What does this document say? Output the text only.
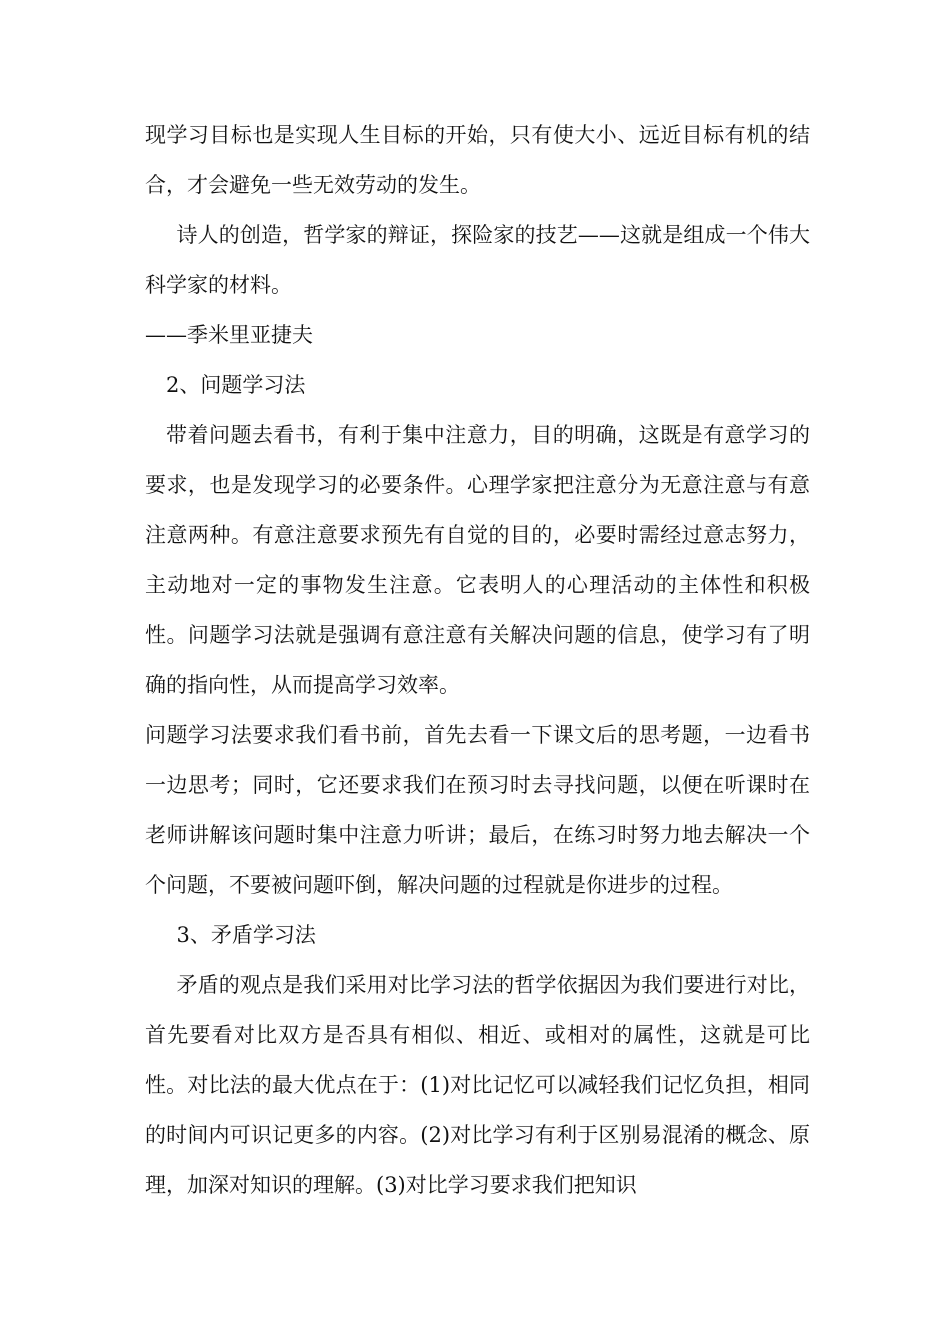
现学习目标也是实现人生目标的开始，只有使大小、远近目标有机的结合，才会避免一些无效劳动的发生。

诗人的创造，哲学家的辩证，探险家的技艺——这就是组成一个伟大科学家的材料。

——季米里亚捷夫

2、问题学习法

带着问题去看书，有利于集中注意力，目的明确，这既是有意学习的要求，也是发现学习的必要条件。心理学家把注意分为无意注意与有意注意两种。有意注意要求预先有自觉的目的，必要时需经过意志努力，主动地对一定的事物发生注意。它表明人的心理活动的主体性和积极性。问题学习法就是强调有意注意有关解决问题的信息，使学习有了明确的指向性，从而提高学习效率。

问题学习法要求我们看书前，首先去看一下课文后的思考题，一边看书一边思考；同时，它还要求我们在预习时去寻找问题，以便在听课时在老师讲解该问题时集中注意力听讲；最后，在练习时努力地去解决一个个问题，不要被问题吓倒，解决问题的过程就是你进步的过程。

3、矛盾学习法

矛盾的观点是我们采用对比学习法的哲学依据因为我们要进行对比，首先要看对比双方是否具有相似、相近、或相对的属性，这就是可比性。对比法的最大优点在于：(1)对比记忆可以减轻我们记忆负担，相同的时间内可识记更多的内容。(2)对比学习有利于区别易混淆的概念、原理，加深对知识的理解。(3)对比学习要求我们把知识
